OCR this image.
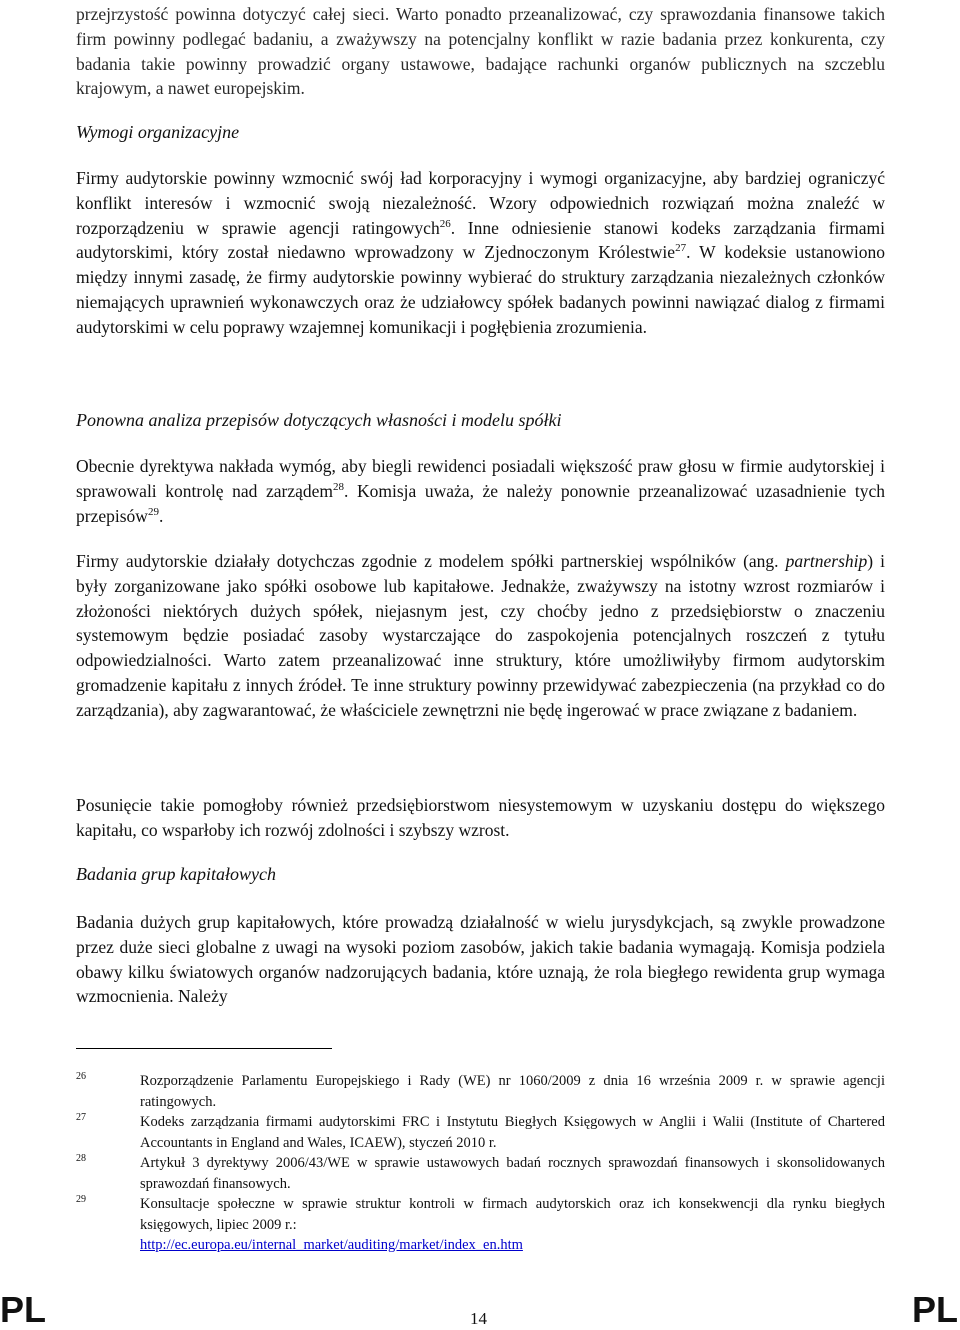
przejrzystość powinna dotyczyć całej sieci. Warto ponadto przeanalizować, czy sprawozdania finansowe takich firm powinny podlegać badaniu, a zważywszy na potencjalny konflikt w razie badania przez konkurenta, czy badania takie powinny prowadzić organy ustawowe, badające rachunki organów publicznych na szczeblu krajowym, a nawet europejskim.

Wymogi organizacyjne

Firmy audytorskie powinny wzmocnić swój ład korporacyjny i wymogi organizacyjne, aby bardziej ograniczyć konflikt interesów i wzmocnić swoją niezależność. Wzory odpowiednich rozwiązań można znaleźć w rozporządzeniu w sprawie agencji ratingowych$^{26}$. Inne odniesienie stanowi kodeks zarządzania firmami audytorskimi, który został niedawno wprowadzony w Zjednoczonym Królestwie$^{27}$. W kodeksie ustanowiono między innymi zasadę, że firmy audytorskie powinny wybierać do struktury zarządzania niezależnych członków niemających uprawnień wykonawczych oraz że udziałowcy spółek badanych powinni nawiązać dialog z firmami audytorskimi w celu poprawy wzajemnej komunikacji i pogłębienia zrozumienia.

Ponowna analiza przepisów dotyczących własności i modelu spółki

Obecnie dyrektywa nakłada wymóg, aby biegli rewidenci posiadali większość praw głosu w firmie audytorskiej i sprawowali kontrolę nad zarządem$^{28}$. Komisja uważa, że należy ponownie przeanalizować uzasadnienie tych przepisów$^{29}$.

Firmy audytorskie działały dotychczas zgodnie z modelem spółki partnerskiej wspólników (ang. partnership) i były zorganizowane jako spółki osobowe lub kapitałowe. Jednakże, zważywszy na istotny wzrost rozmiarów i złożoności niektórych dużych spółek, niejasnym jest, czy choćby jedno z przedsiębiorstw o znaczeniu systemowym będzie posiadać zasoby wystarczające do zaspokojenia potencjalnych roszczeń z tytułu odpowiedzialności. Warto zatem przeanalizować inne struktury, które umożliwiłyby firmom audytorskim gromadzenie kapitału z innych źródeł. Te inne struktury powinny przewidywać zabezpieczenia (na przykład co do zarządzania), aby zagwarantować, że właściciele zewnętrzni nie będę ingerować w prace związane z badaniem.

Posunięcie takie pomogłoby również przedsiębiorstwom niesystemowym w uzyskaniu dostępu do większego kapitału, co wsparłoby ich rozwój zdolności i szybszy wzrost.

Badania grup kapitałowych

Badania dużych grup kapitałowych, które prowadzą działalność w wielu jurysdykcjach, są zwykle prowadzone przez duże sieci globalne z uwagi na wysoki poziom zasobów, jakich takie badania wymagają. Komisja podziela obawy kilku światowych organów nadzorujących badania, które uznają, że rola biegłego rewidenta grup wymaga wzmocnienia. Należy

26	Rozporządzenie Parlamentu Europejskiego i Rady (WE) nr 1060/2009 z dnia 16 września 2009 r. w sprawie agencji ratingowych.
27	Kodeks zarządzania firmami audytorskimi FRC i Instytutu Biegłych Księgowych w Anglii i Walii (Institute of Chartered Accountants in England and Wales, ICAEW), styczeń 2010 r.
28	Artykuł 3 dyrektywy 2006/43/WE w sprawie ustawowych badań rocznych sprawozdań finansowych i skonsolidowanych sprawozdań finansowych.
29	Konsultacje społeczne w sprawie struktur kontroli w firmach audytorskich oraz ich konsekwencji dla rynku biegłych księgowych, lipiec 2009 r.:
http://ec.europa.eu/internal_market/auditing/market/index_en.htm
PL	14	PL
